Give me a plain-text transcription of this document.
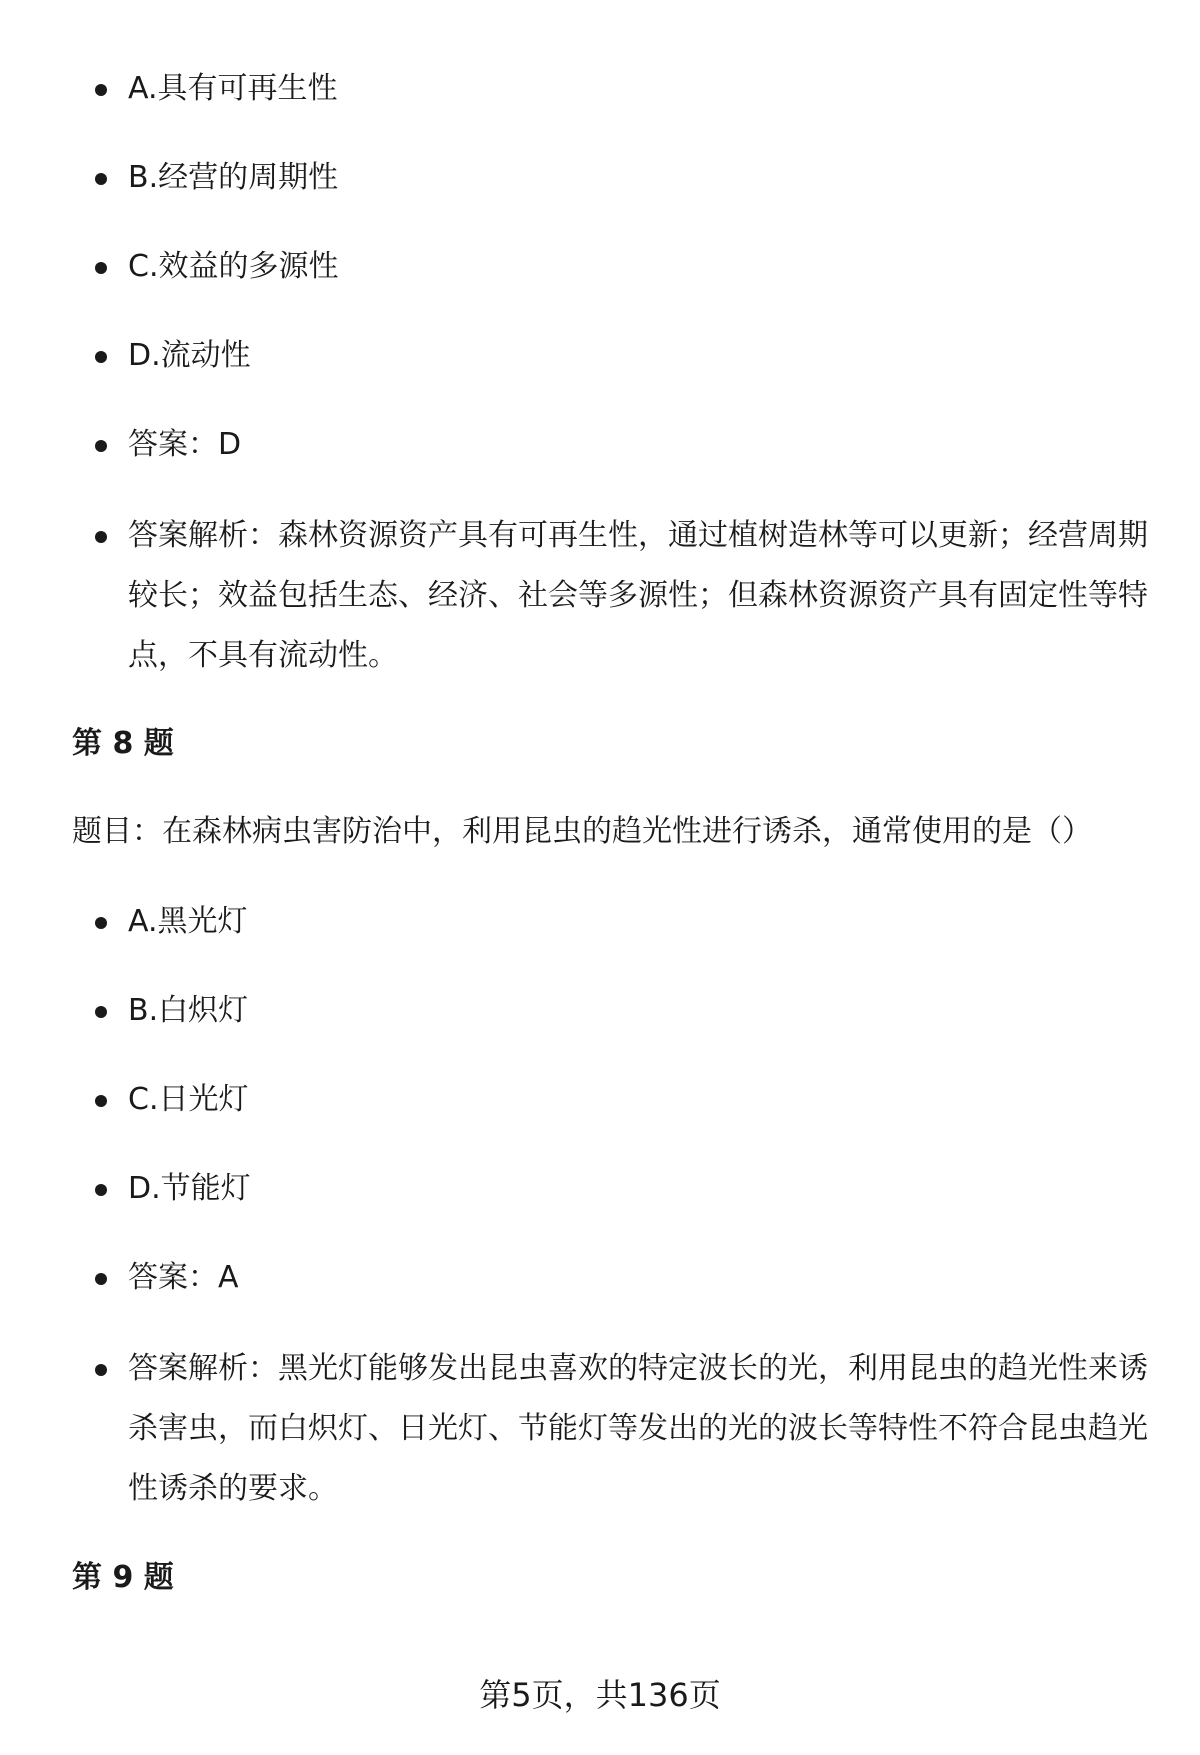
A.具有可再生性
B.经营的周期性
C.效益的多源性
D.流动性
答案：D
答案解析：森林资源资产具有可再生性，通过植树造林等可以更新；经营周期较长；效益包括生态、经济、社会等多源性；但森林资源资产具有固定性等特点，不具有流动性。
第 8 题
题目：在森林病虫害防治中，利用昆虫的趋光性进行诱杀，通常使用的是（）
A.黑光灯
B.白炽灯
C.日光灯
D.节能灯
答案：A
答案解析：黑光灯能够发出昆虫喜欢的特定波长的光，利用昆虫的趋光性来诱杀害虫，而白炽灯、日光灯、节能灯等发出的光的波长等特性不符合昆虫趋光性诱杀的要求。
第 9 题
第5页，共136页
